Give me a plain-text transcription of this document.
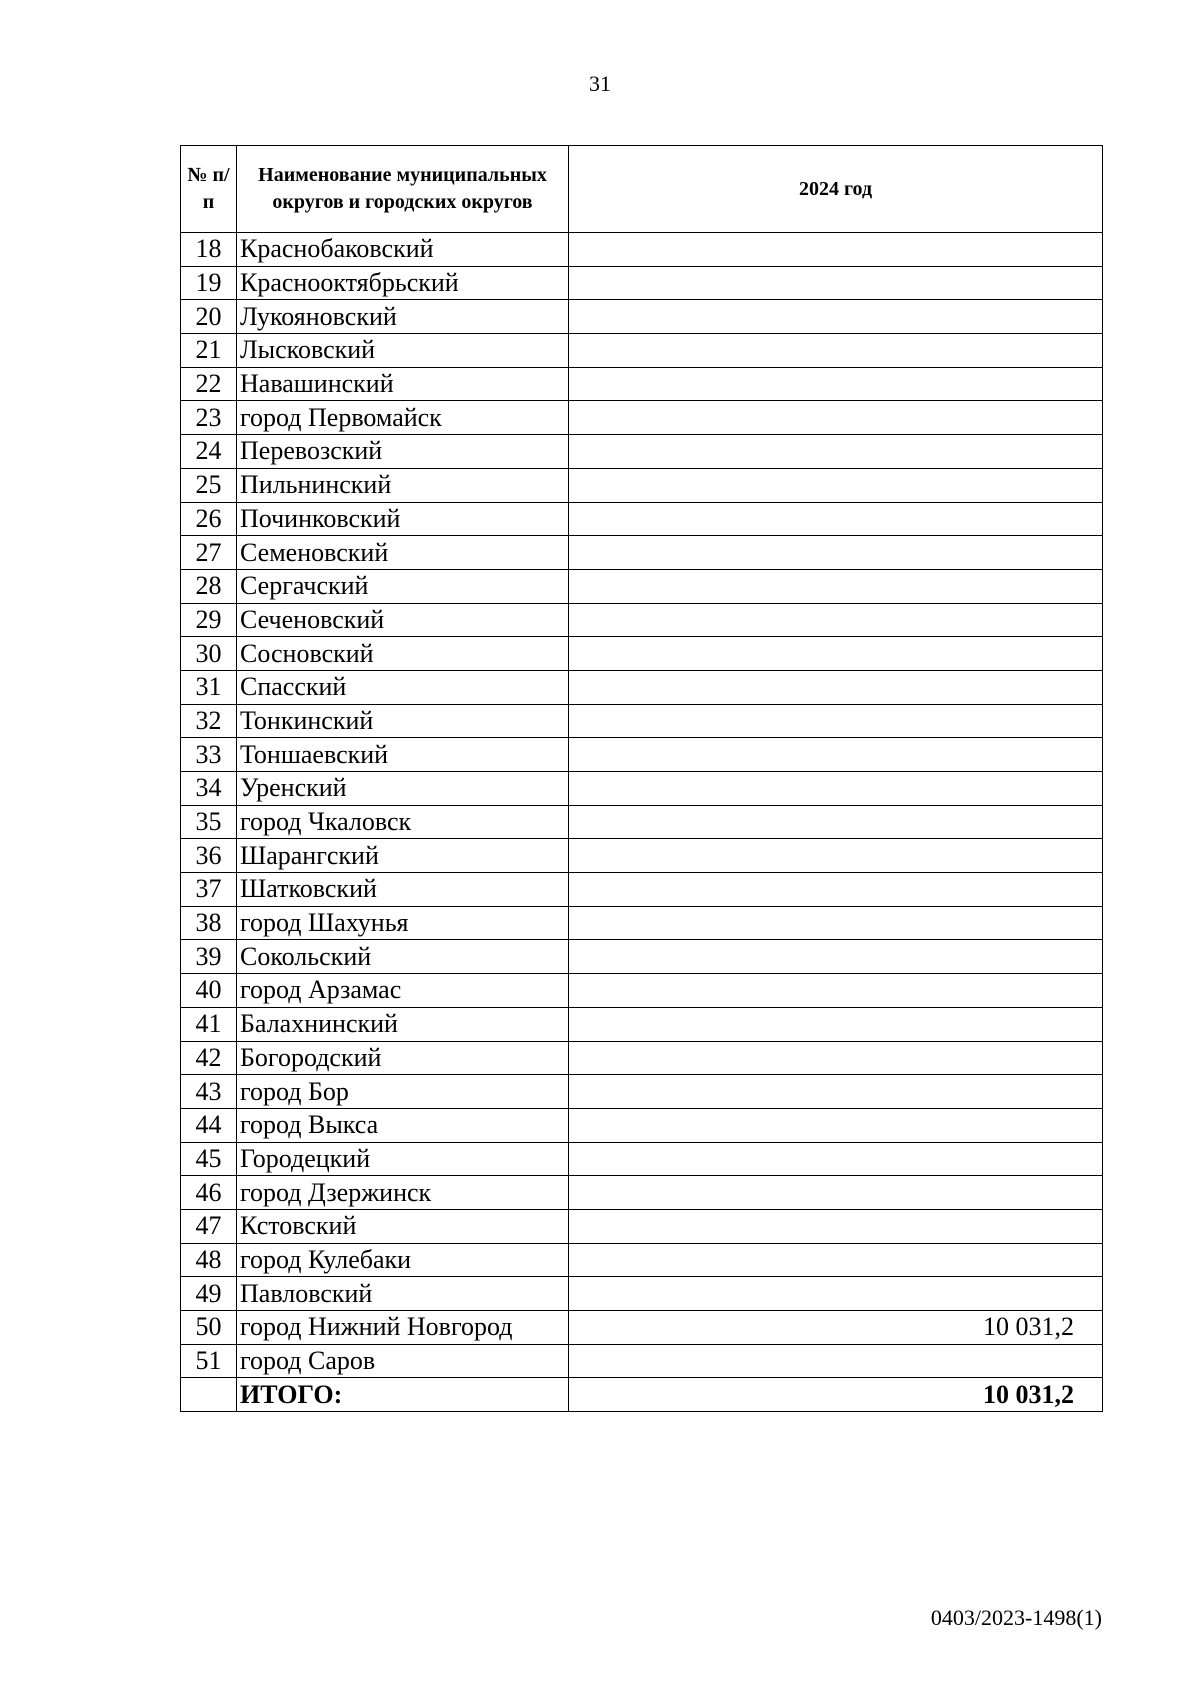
31
№ п/п	Наименование муниципальных округов и городских округов	2024 год
18	Краснобаковский	
19	Краснооктябрьский	
20	Лукояновский	
21	Лысковский	
22	Навашинский	
23	город Первомайск	
24	Перевозский	
25	Пильнинский	
26	Починковский	
27	Семеновский	
28	Сергачский	
29	Сеченовский	
30	Сосновский	
31	Спасский	
32	Тонкинский	
33	Тоншаевский	
34	Уренский	
35	город Чкаловск	
36	Шарангский	
37	Шатковский	
38	город Шахунья	
39	Сокольский	
40	город Арзамас	
41	Балахнинский	
42	Богородский	
43	город Бор	
44	город Выкса	
45	Городецкий	
46	город Дзержинск	
47	Кстовский	
48	город Кулебаки	
49	Павловский	
50	город Нижний Новгород	10 031,2
51	город Саров	
	ИТОГО:	10 031,2
0403/2023-1498(1)
